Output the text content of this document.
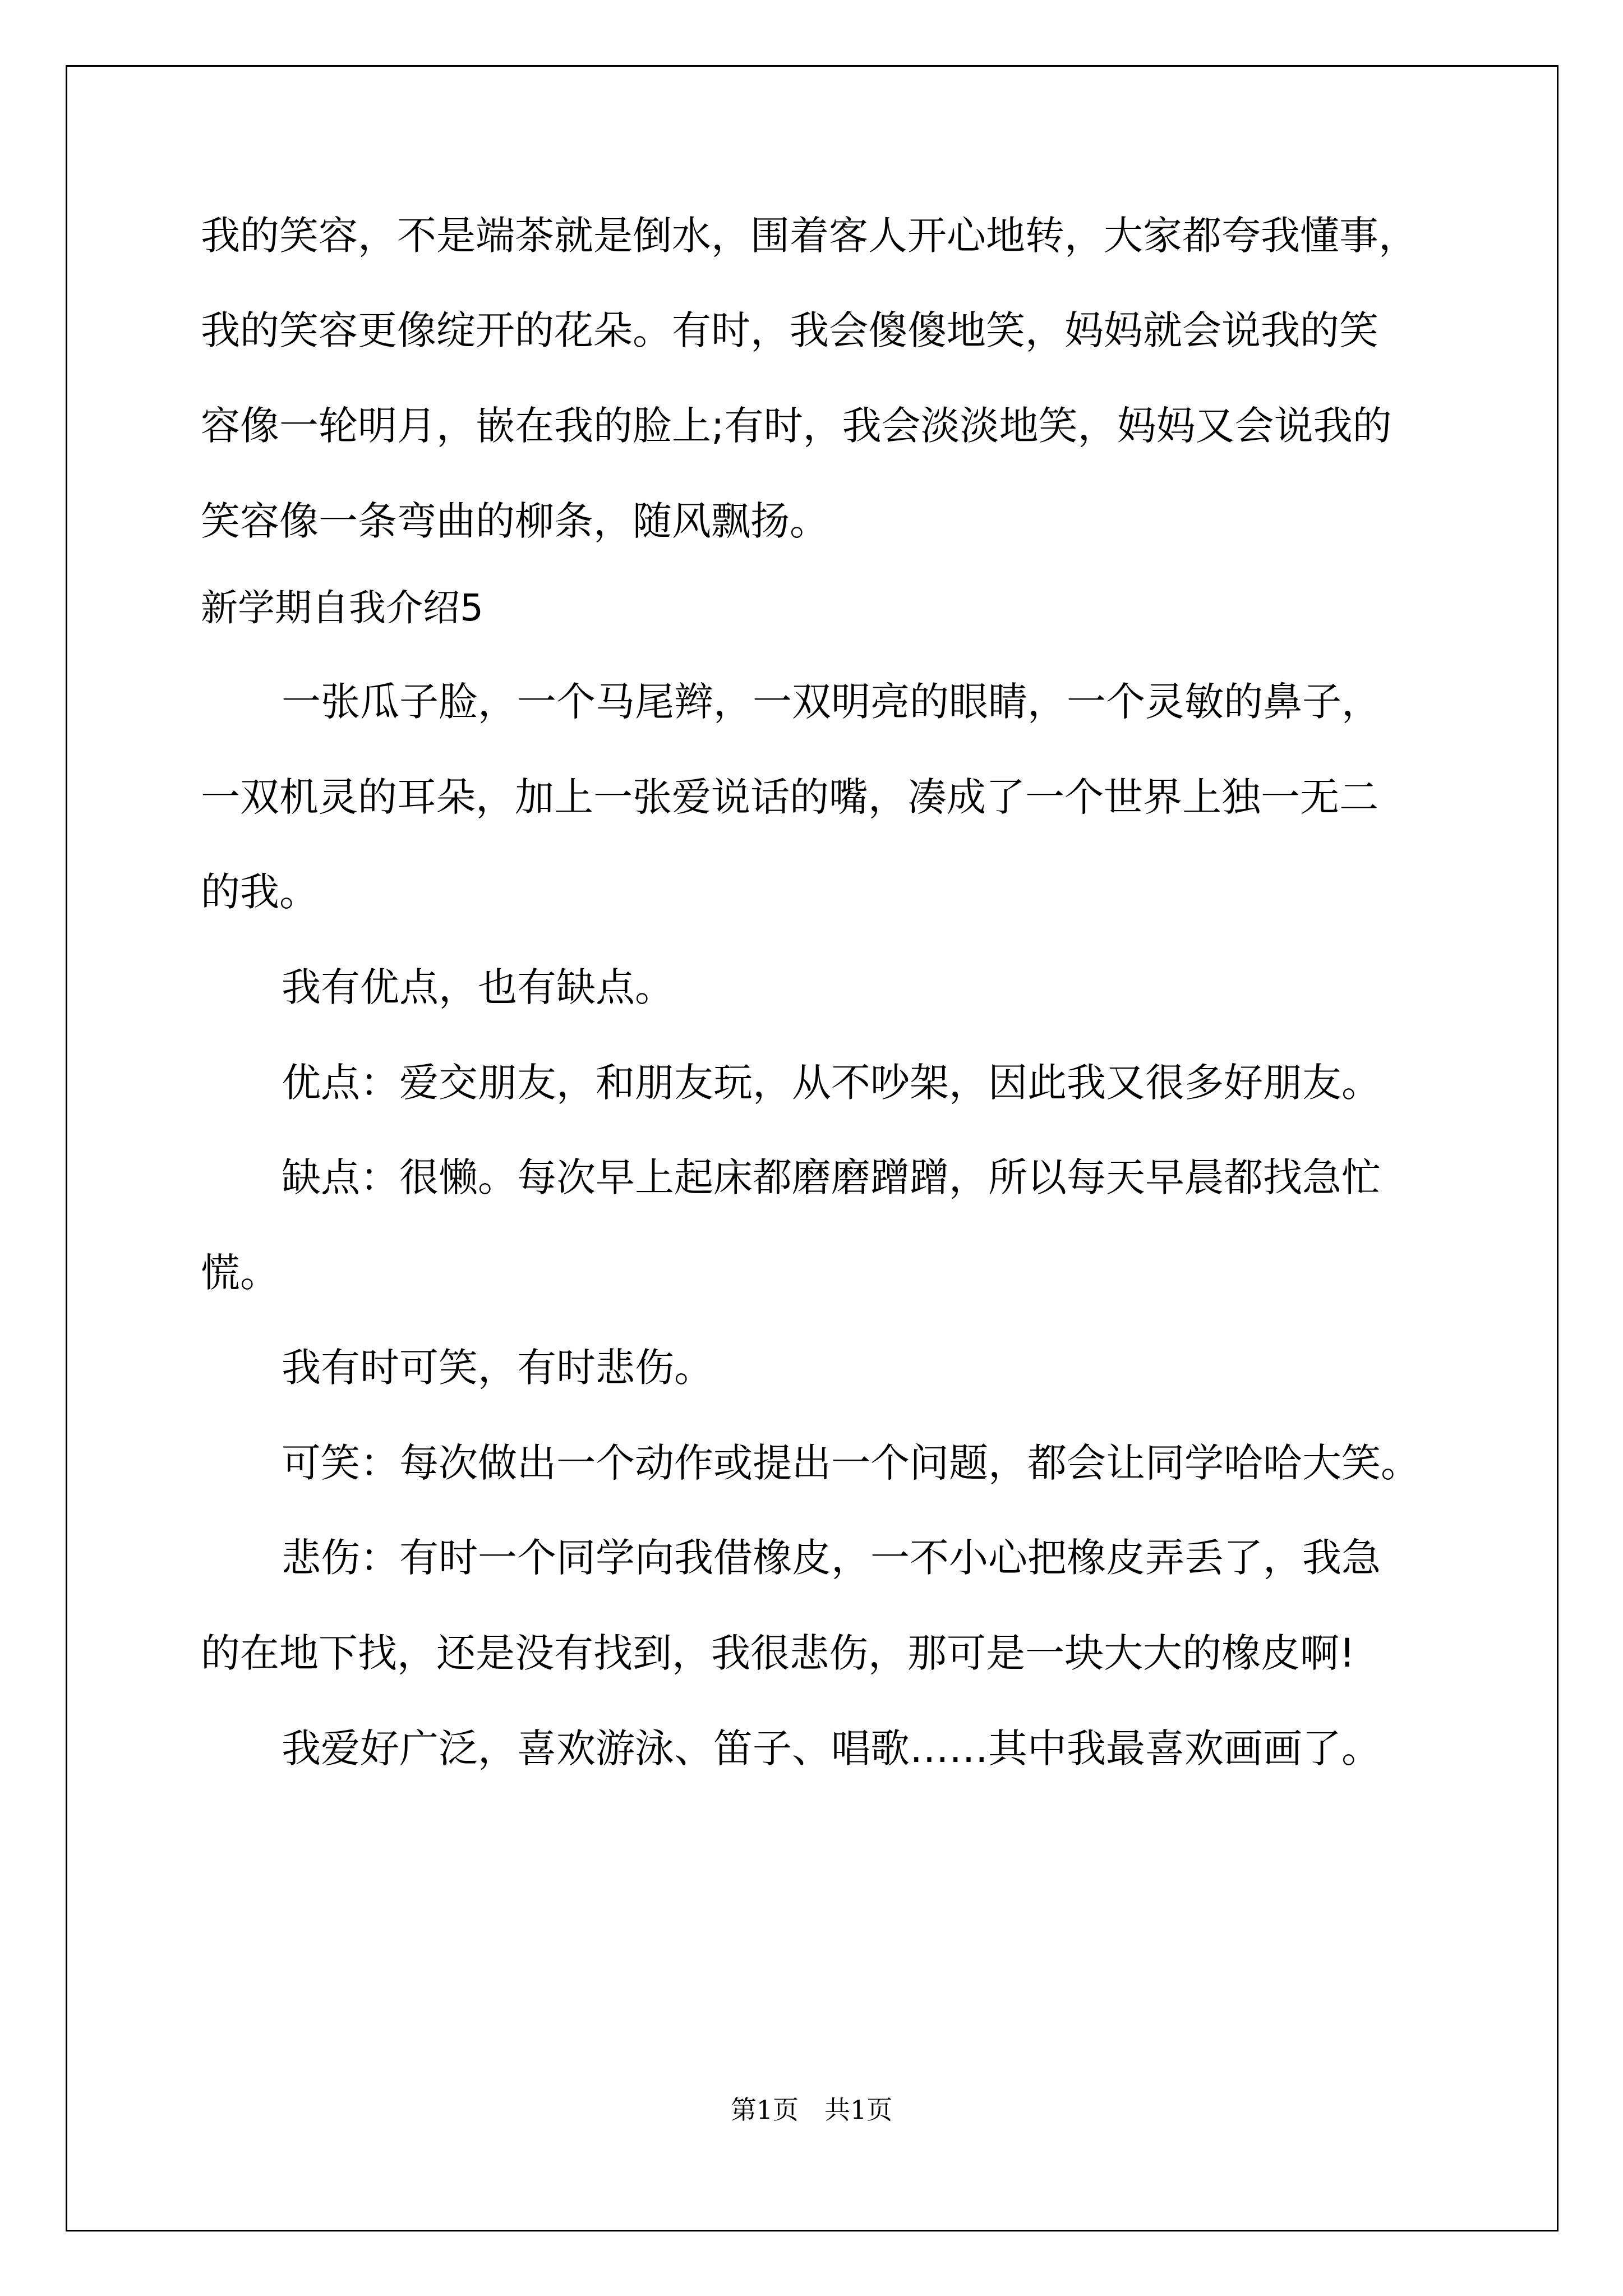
我的笑容，不是端茶就是倒水，围着客人开心地转，大家都夸我懂事，
我的笑容更像绽开的花朵。有时，我会傻傻地笑，妈妈就会说我的笑
容像一轮明月，嵌在我的脸上;有时，我会淡淡地笑，妈妈又会说我的
笑容像一条弯曲的柳条，随风飘扬。
新学期自我介绍5
一张瓜子脸，一个马尾辫，一双明亮的眼睛，一个灵敏的鼻子，
一双机灵的耳朵，加上一张爱说话的嘴，凑成了一个世界上独一无二
的我。
我有优点，也有缺点。
优点：爱交朋友，和朋友玩，从不吵架，因此我又很多好朋友。
缺点：很懒。每次早上起床都磨磨蹭蹭，所以每天早晨都找急忙
慌。
我有时可笑，有时悲伤。
可笑：每次做出一个动作或提出一个问题，都会让同学哈哈大笑。
悲伤：有时一个同学向我借橡皮，一不小心把橡皮弄丢了，我急
的在地下找，还是没有找到，我很悲伤，那可是一块大大的橡皮啊!
我爱好广泛，喜欢游泳、笛子、唱歌……其中我最喜欢画画了。
第1页　共1页
